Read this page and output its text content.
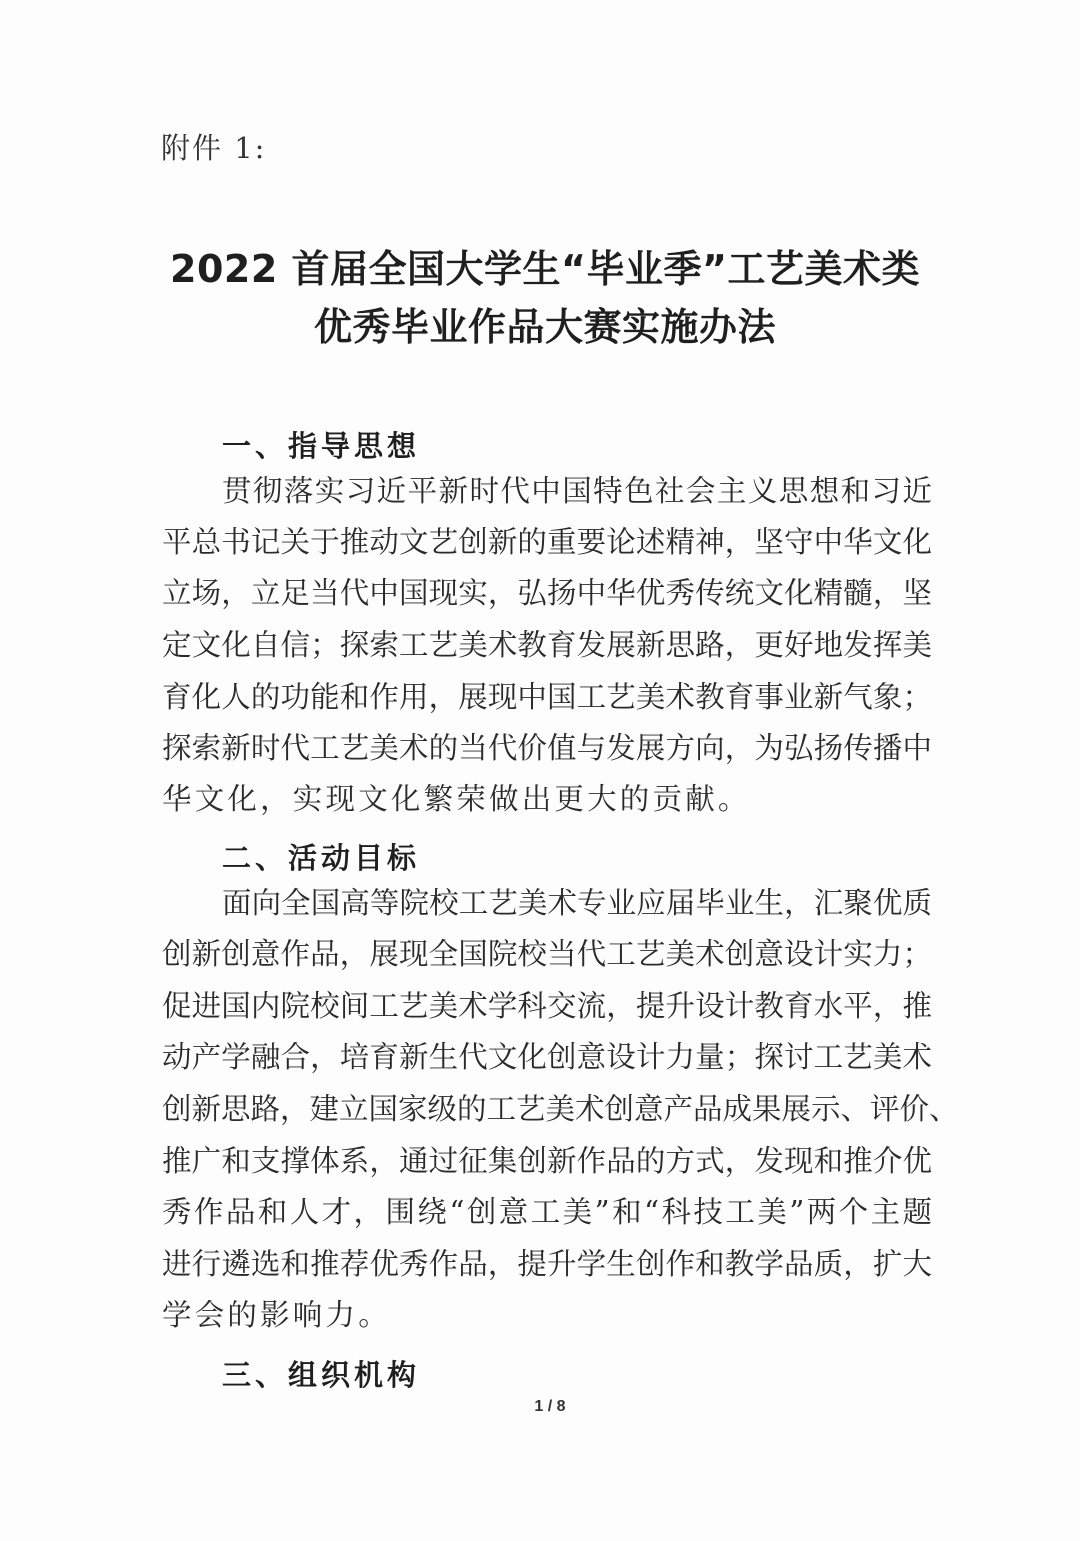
附件 1:
2022 首届全国大学生“毕业季”工艺美术类
优秀毕业作品大赛实施办法
一、指导思想
贯彻落实习近平新时代中国特色社会主义思想和习近
平总书记关于推动文艺创新的重要论述精神，坚守中华文化
立场，立足当代中国现实，弘扬中华优秀传统文化精髓，坚
定文化自信；探索工艺美术教育发展新思路，更好地发挥美
育化人的功能和作用，展现中国工艺美术教育事业新气象；
探索新时代工艺美术的当代价值与发展方向，为弘扬传播中
华文化，实现文化繁荣做出更大的贡献。
二、活动目标
面向全国高等院校工艺美术专业应届毕业生，汇聚优质
创新创意作品，展现全国院校当代工艺美术创意设计实力；
促进国内院校间工艺美术学科交流，提升设计教育水平，推
动产学融合，培育新生代文化创意设计力量；探讨工艺美术
创新思路，建立国家级的工艺美术创意产品成果展示、评价、
推广和支撑体系，通过征集创新作品的方式，发现和推介优
秀作品和人才，围绕“创意工美”和“科技工美”两个主题
进行遴选和推荐优秀作品，提升学生创作和教学品质，扩大
学会的影响力。
三、组织机构
1 / 8
